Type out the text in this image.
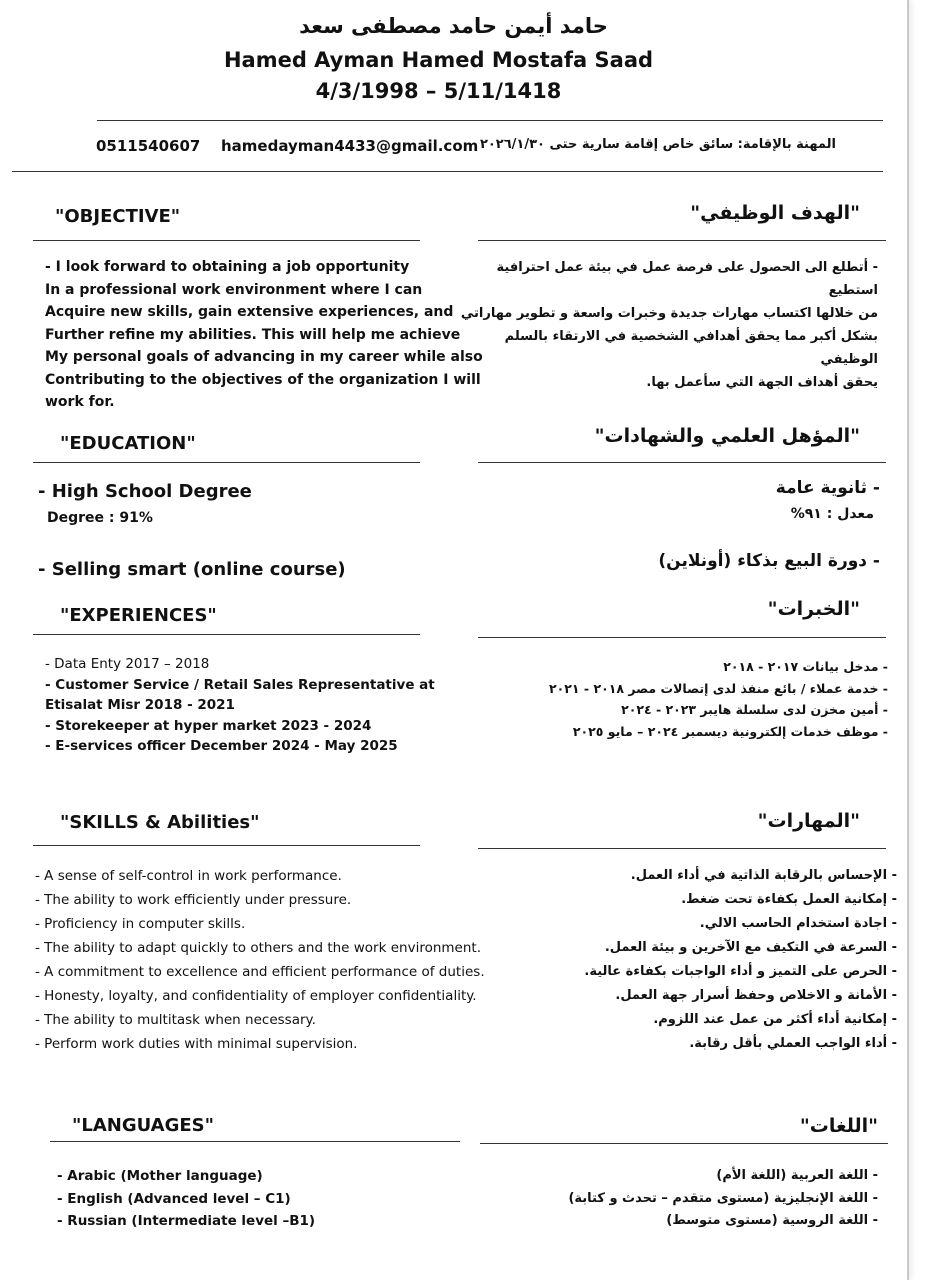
حامد أيمن حامد مصطفى سعد
Hamed Ayman Hamed Mostafa Saad
4/3/1998 – 5/11/1418
0511540607 hamedayman4433@gmail.com المهنة بالإقامة: سائق خاص إقامة سارية حتى ٢٠٢٦/١/٣٠
"OBJECTIVE"	"الهدف الوظيفي"
- I look forward to obtaining a job opportunity
In a professional work environment where I can
Acquire new skills, gain extensive experiences, and
Further refine my abilities. This will help me achieve
My personal goals of advancing in my career while also
Contributing to the objectives of the organization I will
work for.
- أتطلع الى الحصول على فرصة عمل في بيئة عمل احترافية استطيع
من خلالها اكتساب مهارات جديدة وخبرات واسعة و تطوير مهاراتي
بشكل أكبر مما يحقق أهدافي الشخصية في الارتقاء بالسلم الوظيفي
يحقق أهداف الجهة التي سأعمل بها.
"EDUCATION"	"المؤهل العلمي والشهادات"
- High School Degree
Degree : 91%
- Selling smart (online course)
- ثانوية عامة
معدل : ٩١%
- دورة البيع بذكاء (أونلاين)
"EXPERIENCES"	"الخبرات"
- Data Enty 2017 – 2018
- Customer Service / Retail Sales Representative at
Etisalat Misr 2018 - 2021
- Storekeeper at hyper market 2023 - 2024
- E-services officer December 2024 - May 2025
- مدخل بيانات ٢٠١٧ - ٢٠١٨
- خدمة عملاء / بائع منفذ لدى إتصالات مصر ٢٠١٨ - ٢٠٢١
- أمين مخزن لدى سلسلة هايبر ٢٠٢٣ - ٢٠٢٤
- موظف خدمات إلكترونية ديسمبر ٢٠٢٤ – مايو ٢٠٢٥
"SKILLS & Abilities"	"المهارات"
- A sense of self-control in work performance.
- The ability to work efficiently under pressure.
- Proficiency in computer skills.
- The ability to adapt quickly to others and the work environment.
- A commitment to excellence and efficient performance of duties.
- Honesty, loyalty, and confidentiality of employer confidentiality.
- The ability to multitask when necessary.
- Perform work duties with minimal supervision.
- الإحساس بالرقابة الذاتية في أداء العمل.
- إمكانية العمل بكفاءة تحت ضغط.
- اجادة استخدام الحاسب الالي.
- السرعة في التكيف مع الآخرين و بيئة العمل.
- الحرص على التميز و أداء الواجبات بكفاءة عالية.
- الأمانة و الاخلاص وحفظ أسرار جهة العمل.
- إمكانية أداء أكثر من عمل عند اللزوم.
- أداء الواجب العملي بأقل رقابة.
"LANGUAGES"	"اللغات"
- Arabic (Mother language)
- English (Advanced level – C1)
- Russian (Intermediate level –B1)
- اللغة العربية (اللغة الأم)
- اللغة الإنجليزية (مستوى متقدم – تحدث و كتابة)
- اللغة الروسية (مستوى متوسط)
